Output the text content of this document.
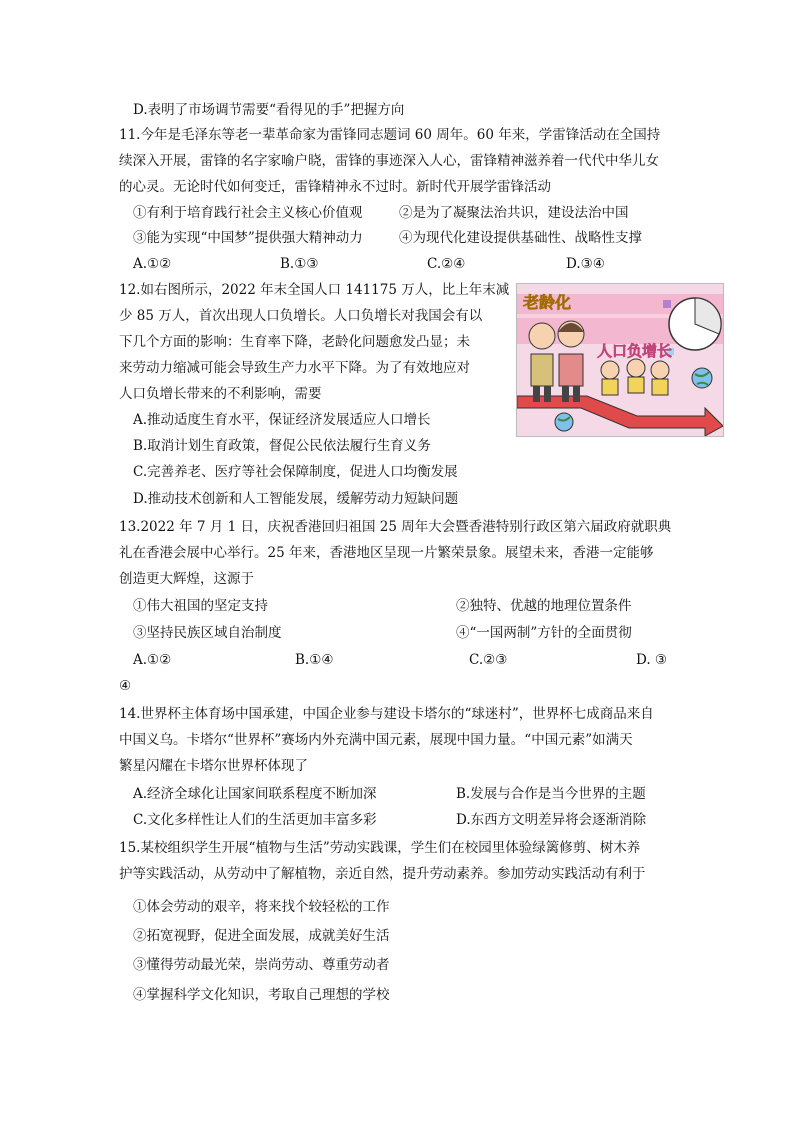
D.表明了市场调节需要“看得见的手”把握方向
11.今年是毛泽东等老一辈革命家为雷锋同志题词 60 周年。60 年来，学雷锋活动在全国持
续深入开展，雷锋的名字家喻户晓，雷锋的事迹深入人心，雷锋精神滋养着一代代中华儿女
的心灵。无论时代如何变迁，雷锋精神永不过时。新时代开展学雷锋活动
①有利于培育践行社会主义核心价值观	②是为了凝聚法治共识，建设法治中国
③能为实现“中国梦”提供强大精神动力	④为现代化建设提供基础性、战略性支撑
A.①②	B.①③	C.②④	D.③④
12.如右图所示，2022 年末全国人口 141175 万人，比上年末减
少 85 万人，首次出现人口负增长。人口负增长对我国会有以
下几个方面的影响：生育率下降，老龄化问题愈发凸显；未
来劳动力缩减可能会导致生产力水平下降。为了有效地应对
人口负增长带来的不利影响，需要
A.推动适度生育水平，保证经济发展适应人口增长
B.取消计划生育政策，督促公民依法履行生育义务
C.完善养老、医疗等社会保障制度，促进人口均衡发展
D.推动技术创新和人工智能发展，缓解劳动力短缺问题
老龄化
人口负增长
13.2022 年 7 月 1 日，庆祝香港回归祖国 25 周年大会暨香港特别行政区第六届政府就职典
礼在香港会展中心举行。25 年来，香港地区呈现一片繁荣景象。展望未来，香港一定能够
创造更大辉煌，这源于
①伟大祖国的坚定支持	②独特、优越的地理位置条件
③坚持民族区域自治制度	④“一国两制”方针的全面贯彻
A.①②	B.①④	C.②③	D. ③
④
14.世界杯主体育场中国承建，中国企业参与建设卡塔尔的“球迷村”，世界杯七成商品来自
中国义乌。卡塔尔“世界杯”赛场内外充满中国元素，展现中国力量。“中国元素”如满天
繁星闪耀在卡塔尔世界杯体现了
A.经济全球化让国家间联系程度不断加深	B.发展与合作是当今世界的主题
C.文化多样性让人们的生活更加丰富多彩	D.东西方文明差异将会逐渐消除
15.某校组织学生开展“植物与生活”劳动实践课，学生们在校园里体验绿篱修剪、树木养
护等实践活动，从劳动中了解植物，亲近自然，提升劳动素养。参加劳动实践活动有利于
①体会劳动的艰辛，将来找个较轻松的工作
②拓宽视野，促进全面发展，成就美好生活
③懂得劳动最光荣，崇尚劳动、尊重劳动者
④掌握科学文化知识，考取自己理想的学校
